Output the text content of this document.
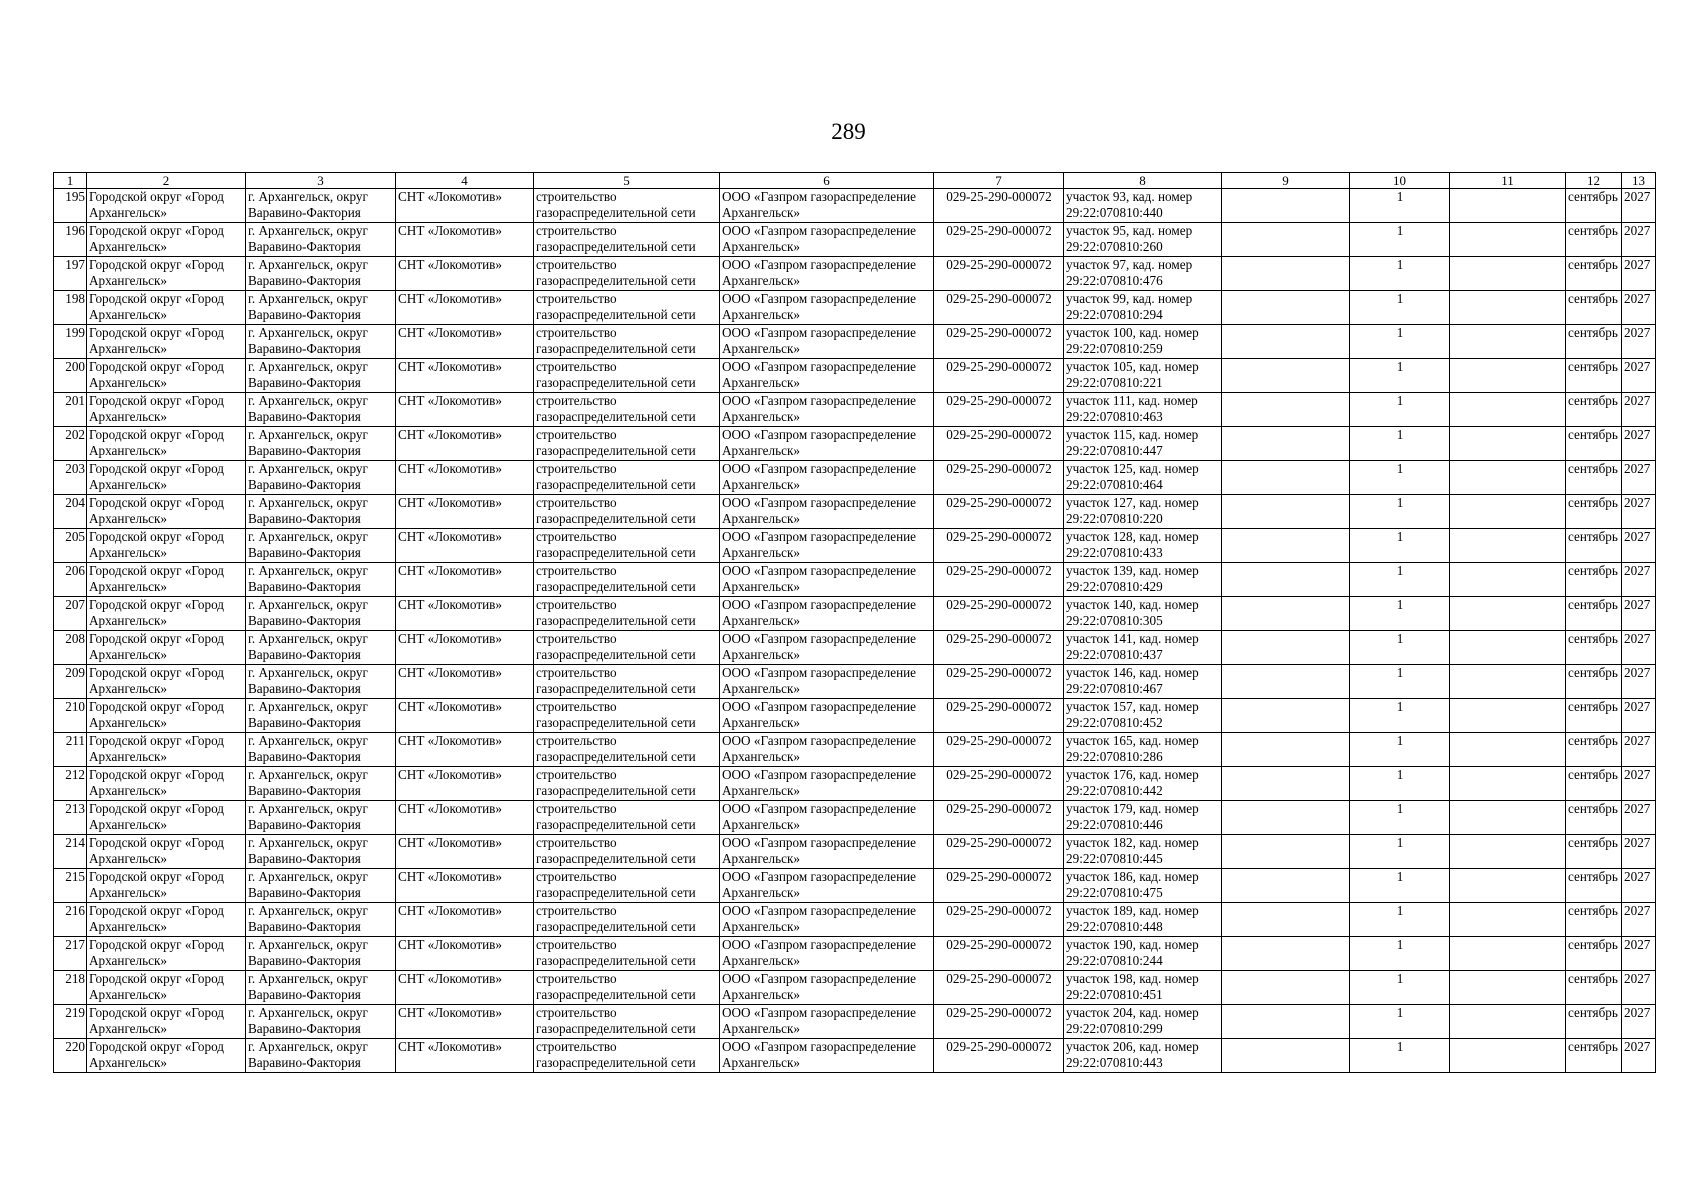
289
1	2	3	4	5	6	7	8	9	10	11	12	13

195	Городской округ «Город
Архангельск»	г. Архангельск, округ
Варавино-Фактория	СНТ «Локомотив»	строительство
газораспределительной сети	ООО «Газпром газораспределение
Архангельск»	029-25-290-000072	участок 93, кад. номер
29:22:070810:440		1		сентябрь	2027

196	Городской округ «Город
Архангельск»	г. Архангельск, округ
Варавино-Фактория	СНТ «Локомотив»	строительство
газораспределительной сети	ООО «Газпром газораспределение
Архангельск»	029-25-290-000072	участок 95, кад. номер
29:22:070810:260		1		сентябрь	2027

197	Городской округ «Город
Архангельск»	г. Архангельск, округ
Варавино-Фактория	СНТ «Локомотив»	строительство
газораспределительной сети	ООО «Газпром газораспределение
Архангельск»	029-25-290-000072	участок 97, кад. номер
29:22:070810:476		1		сентябрь	2027

198	Городской округ «Город
Архангельск»	г. Архангельск, округ
Варавино-Фактория	СНТ «Локомотив»	строительство
газораспределительной сети	ООО «Газпром газораспределение
Архангельск»	029-25-290-000072	участок 99, кад. номер
29:22:070810:294		1		сентябрь	2027

199	Городской округ «Город
Архангельск»	г. Архангельск, округ
Варавино-Фактория	СНТ «Локомотив»	строительство
газораспределительной сети	ООО «Газпром газораспределение
Архангельск»	029-25-290-000072	участок 100, кад. номер
29:22:070810:259		1		сентябрь	2027

200	Городской округ «Город
Архангельск»	г. Архангельск, округ
Варавино-Фактория	СНТ «Локомотив»	строительство
газораспределительной сети	ООО «Газпром газораспределение
Архангельск»	029-25-290-000072	участок 105, кад. номер
29:22:070810:221		1		сентябрь	2027

201	Городской округ «Город
Архангельск»	г. Архангельск, округ
Варавино-Фактория	СНТ «Локомотив»	строительство
газораспределительной сети	ООО «Газпром газораспределение
Архангельск»	029-25-290-000072	участок 111, кад. номер
29:22:070810:463		1		сентябрь	2027

202	Городской округ «Город
Архангельск»	г. Архангельск, округ
Варавино-Фактория	СНТ «Локомотив»	строительство
газораспределительной сети	ООО «Газпром газораспределение
Архангельск»	029-25-290-000072	участок 115, кад. номер
29:22:070810:447		1		сентябрь	2027

203	Городской округ «Город
Архангельск»	г. Архангельск, округ
Варавино-Фактория	СНТ «Локомотив»	строительство
газораспределительной сети	ООО «Газпром газораспределение
Архангельск»	029-25-290-000072	участок 125, кад. номер
29:22:070810:464		1		сентябрь	2027

204	Городской округ «Город
Архангельск»	г. Архангельск, округ
Варавино-Фактория	СНТ «Локомотив»	строительство
газораспределительной сети	ООО «Газпром газораспределение
Архангельск»	029-25-290-000072	участок 127, кад. номер
29:22:070810:220		1		сентябрь	2027

205	Городской округ «Город
Архангельск»	г. Архангельск, округ
Варавино-Фактория	СНТ «Локомотив»	строительство
газораспределительной сети	ООО «Газпром газораспределение
Архангельск»	029-25-290-000072	участок 128, кад. номер
29:22:070810:433		1		сентябрь	2027

206	Городской округ «Город
Архангельск»	г. Архангельск, округ
Варавино-Фактория	СНТ «Локомотив»	строительство
газораспределительной сети	ООО «Газпром газораспределение
Архангельск»	029-25-290-000072	участок 139, кад. номер
29:22:070810:429		1		сентябрь	2027

207	Городской округ «Город
Архангельск»	г. Архангельск, округ
Варавино-Фактория	СНТ «Локомотив»	строительство
газораспределительной сети	ООО «Газпром газораспределение
Архангельск»	029-25-290-000072	участок 140, кад. номер
29:22:070810:305		1		сентябрь	2027

208	Городской округ «Город
Архангельск»	г. Архангельск, округ
Варавино-Фактория	СНТ «Локомотив»	строительство
газораспределительной сети	ООО «Газпром газораспределение
Архангельск»	029-25-290-000072	участок 141, кад. номер
29:22:070810:437		1		сентябрь	2027

209	Городской округ «Город
Архангельск»	г. Архангельск, округ
Варавино-Фактория	СНТ «Локомотив»	строительство
газораспределительной сети	ООО «Газпром газораспределение
Архангельск»	029-25-290-000072	участок 146, кад. номер
29:22:070810:467		1		сентябрь	2027

210	Городской округ «Город
Архангельск»	г. Архангельск, округ
Варавино-Фактория	СНТ «Локомотив»	строительство
газораспределительной сети	ООО «Газпром газораспределение
Архангельск»	029-25-290-000072	участок 157, кад. номер
29:22:070810:452		1		сентябрь	2027

211	Городской округ «Город
Архангельск»	г. Архангельск, округ
Варавино-Фактория	СНТ «Локомотив»	строительство
газораспределительной сети	ООО «Газпром газораспределение
Архангельск»	029-25-290-000072	участок 165, кад. номер
29:22:070810:286		1		сентябрь	2027

212	Городской округ «Город
Архангельск»	г. Архангельск, округ
Варавино-Фактория	СНТ «Локомотив»	строительство
газораспределительной сети	ООО «Газпром газораспределение
Архангельск»	029-25-290-000072	участок 176, кад. номер
29:22:070810:442		1		сентябрь	2027

213	Городской округ «Город
Архангельск»	г. Архангельск, округ
Варавино-Фактория	СНТ «Локомотив»	строительство
газораспределительной сети	ООО «Газпром газораспределение
Архангельск»	029-25-290-000072	участок 179, кад. номер
29:22:070810:446		1		сентябрь	2027

214	Городской округ «Город
Архангельск»	г. Архангельск, округ
Варавино-Фактория	СНТ «Локомотив»	строительство
газораспределительной сети	ООО «Газпром газораспределение
Архангельск»	029-25-290-000072	участок 182, кад. номер
29:22:070810:445		1		сентябрь	2027

215	Городской округ «Город
Архангельск»	г. Архангельск, округ
Варавино-Фактория	СНТ «Локомотив»	строительство
газораспределительной сети	ООО «Газпром газораспределение
Архангельск»	029-25-290-000072	участок 186, кад. номер
29:22:070810:475		1		сентябрь	2027

216	Городской округ «Город
Архангельск»	г. Архангельск, округ
Варавино-Фактория	СНТ «Локомотив»	строительство
газораспределительной сети	ООО «Газпром газораспределение
Архангельск»	029-25-290-000072	участок 189, кад. номер
29:22:070810:448		1		сентябрь	2027

217	Городской округ «Город
Архангельск»	г. Архангельск, округ
Варавино-Фактория	СНТ «Локомотив»	строительство
газораспределительной сети	ООО «Газпром газораспределение
Архангельск»	029-25-290-000072	участок 190, кад. номер
29:22:070810:244		1		сентябрь	2027

218	Городской округ «Город
Архангельск»	г. Архангельск, округ
Варавино-Фактория	СНТ «Локомотив»	строительство
газораспределительной сети	ООО «Газпром газораспределение
Архангельск»	029-25-290-000072	участок 198, кад. номер
29:22:070810:451		1		сентябрь	2027

219	Городской округ «Город
Архангельск»	г. Архангельск, округ
Варавино-Фактория	СНТ «Локомотив»	строительство
газораспределительной сети	ООО «Газпром газораспределение
Архангельск»	029-25-290-000072	участок 204, кад. номер
29:22:070810:299		1		сентябрь	2027

220	Городской округ «Город
Архангельск»	г. Архангельск, округ
Варавино-Фактория	СНТ «Локомотив»	строительство
газораспределительной сети	ООО «Газпром газораспределение
Архангельск»	029-25-290-000072	участок 206, кад. номер
29:22:070810:443		1		сентябрь	2027
